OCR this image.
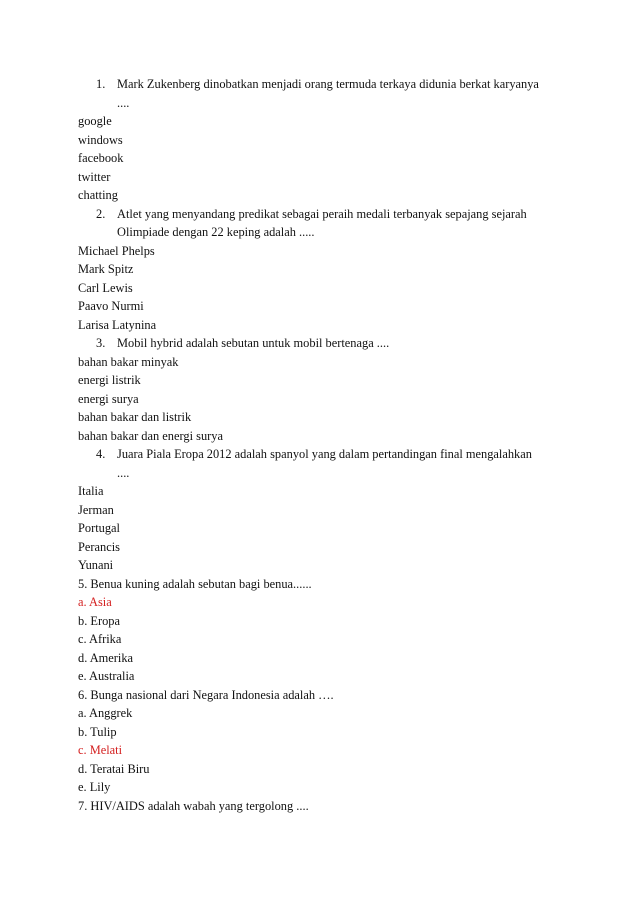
1. Mark Zukenberg dinobatkan menjadi orang termuda terkaya didunia berkat karyanya
....
google
windows
facebook
twitter
chatting
2. Atlet yang menyandang predikat sebagai peraih medali terbanyak sepajang sejarah
Olimpiade dengan 22 keping adalah .....
Michael Phelps
Mark Spitz
Carl Lewis
Paavo Nurmi
Larisa Latynina
3. Mobil hybrid adalah sebutan untuk mobil bertenaga ....
bahan bakar minyak
energi listrik
energi surya
bahan bakar dan listrik
bahan bakar dan energi surya
4. Juara Piala Eropa 2012 adalah spanyol yang dalam pertandingan final mengalahkan
....
Italia
Jerman
Portugal
Perancis
Yunani
5. Benua kuning adalah sebutan bagi benua......
a. Asia
b. Eropa
c. Afrika
d. Amerika
e. Australia
6. Bunga nasional dari Negara Indonesia adalah ….
a. Anggrek
b. Tulip
c. Melati
d. Teratai Biru
e. Lily
7. HIV/AIDS adalah wabah yang tergolong ....
